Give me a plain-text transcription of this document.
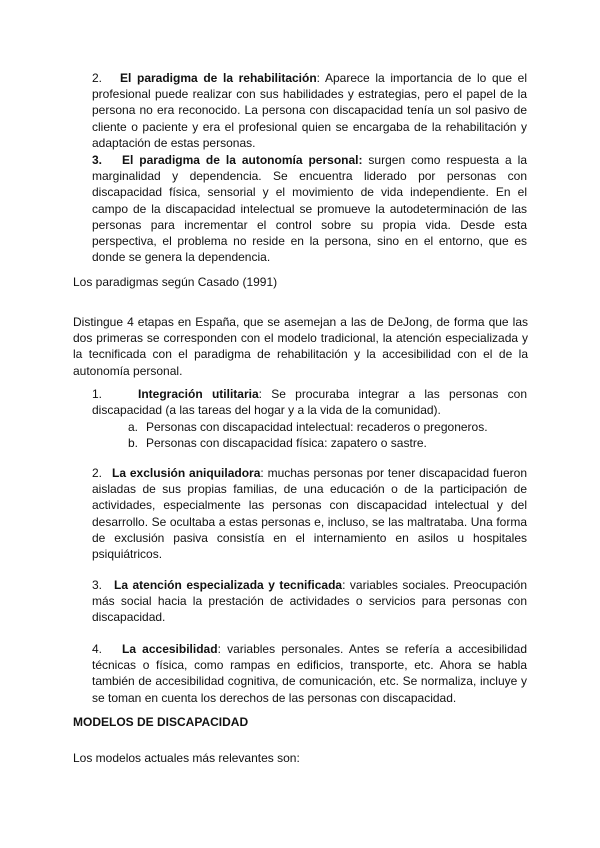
2. El paradigma de la rehabilitación: Aparece la importancia de lo que el profesional puede realizar con sus habilidades y estrategias, pero el papel de la persona no era reconocido. La persona con discapacidad tenía un sol pasivo de cliente o paciente y era el profesional quien se encargaba de la rehabilitación y adaptación de estas personas.
3. El paradigma de la autonomía personal: surgen como respuesta a la marginalidad y dependencia. Se encuentra liderado por personas con discapacidad física, sensorial y el movimiento de vida independiente. En el campo de la discapacidad intelectual se promueve la autodeterminación de las personas para incrementar el control sobre su propia vida. Desde esta perspectiva, el problema no reside en la persona, sino en el entorno, que es donde se genera la dependencia.
Los paradigmas según Casado (1991)
Distingue 4 etapas en España, que se asemejan a las de DeJong, de forma que las dos primeras se corresponden con el modelo tradicional, la atención especializada y la tecnificada con el paradigma de rehabilitación y la accesibilidad con el de la autonomía personal.
1.	Integración utilitaria: Se procuraba integrar a las personas con discapacidad (a las tareas del hogar y a la vida de la comunidad).
a. Personas con discapacidad intelectual: recaderos o pregoneros.
b. Personas con discapacidad física: zapatero o sastre.
2. La exclusión aniquiladora: muchas personas por tener discapacidad fueron aisladas de sus propias familias, de una educación o de la participación de actividades, especialmente las personas con discapacidad intelectual y del desarrollo. Se ocultaba a estas personas e, incluso, se las maltrataba. Una forma de exclusión pasiva consistía en el internamiento en asilos u hospitales psiquiátricos.
3. La atención especializada y tecnificada: variables sociales. Preocupación más social hacia la prestación de actividades o servicios para personas con discapacidad.
4. La accesibilidad: variables personales. Antes se refería a accesibilidad técnicas o física, como rampas en edificios, transporte, etc. Ahora se habla también de accesibilidad cognitiva, de comunicación, etc. Se normaliza, incluye y se toman en cuenta los derechos de las personas con discapacidad.
MODELOS DE DISCAPACIDAD
Los modelos actuales más relevantes son:
